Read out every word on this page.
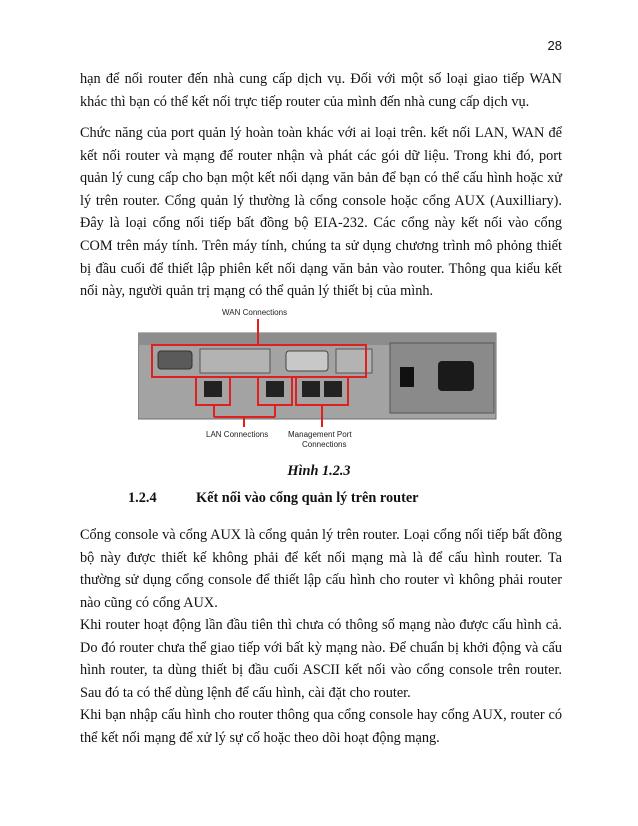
28

hạn để nối router đến nhà cung cấp dịch vụ. Đối với một số loại giao tiếp WAN khác thì bạn có thể kết nối trực tiếp router của mình đến nhà cung cấp dịch vụ.

Chức năng của port quản lý hoàn toàn khác với ai loại trên. kết nối LAN, WAN để kết nối router và mạng để router nhận và phát các gói dữ liệu. Trong khi đó, port quản lý cung cấp cho bạn một kết nối dạng văn bản để bạn có thể cấu hình hoặc xử lý trên router. Cổng quản lý thường là cổng console hoặc cổng AUX (Auxilliary). Đây là loại cổng nối tiếp bất đồng bộ EIA-232. Các cổng này kết nối vào cổng COM trên máy tính. Trên máy tính, chúng ta sử dụng chương trình mô phỏng thiết bị đầu cuối để thiết lập phiên kết nối dạng văn bản vào router. Thông qua kiểu kết nối này, người quản trị mạng có thể quản lý thiết bị của mình.

WAN Connections
LAN Connections Management Port
Connections
Hình 1.2.3
1.2.4	Kết nối vào cổng quản lý trên router

Cổng console và cổng AUX là cổng quản lý trên router. Loại cổng nối tiếp bất đồng bộ này được thiết kế không phải để kết nối mạng mà là để cấu hình router. Ta thường sử dụng cổng console để thiết lập cấu hình cho router vì không phải router nào cũng có cổng AUX.

Khi router hoạt động lần đầu tiên thì chưa có thông số mạng nào được cấu hình cả. Do đó router chưa thể giao tiếp với bất kỳ mạng nào. Để chuẩn bị khởi động và cấu hình router, ta dùng thiết bị đầu cuối ASCII kết nối vào cổng console trên router. Sau đó ta có thể dùng lệnh để cấu hình, cài đặt cho router.

Khi bạn nhập cấu hình cho router thông qua cổng console hay cổng AUX, router có thể kết nối mạng để xử lý sự cố hoặc theo dõi hoạt động mạng.
